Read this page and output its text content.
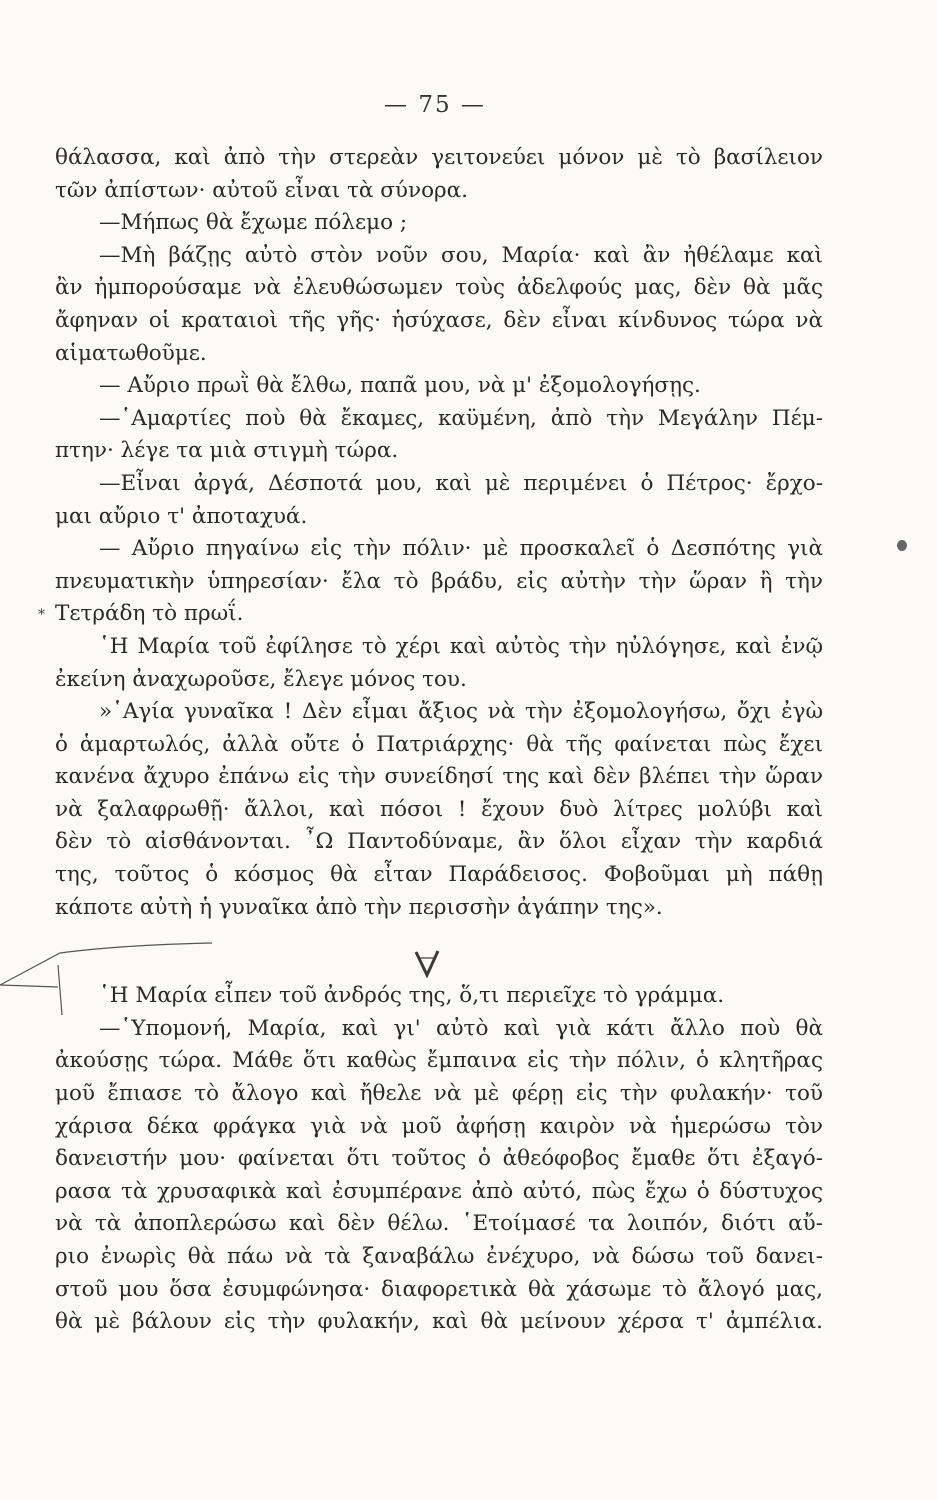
— 75 —
θάλασσα, καὶ ἀπὸ τὴν στερεὰν γειτονεύει μόνον μὲ τὸ βασίλειον
τῶν ἀπίστων· αὐτοῦ εἶναι τὰ σύνορα.
—Μήπως θὰ ἔχωμε πόλεμο ;
—Μὴ βάζῃς αὐτὸ στὸν νοῦν σου, Μαρία· καὶ ἂν ἠθέλαμε καὶ
ἂν ἠμπορούσαμε νὰ ἐλευθώσωμεν τοὺς ἀδελφούς μας, δὲν θὰ μᾶς
ἄφηναν οἱ κραταιοὶ τῆς γῆς· ἡσύχασε, δὲν εἶναι κίνδυνος τώρα νὰ
αἱματωθοῦμε.
— Αὔριο πρωῒ θὰ ἔλθω, παπᾶ μου, νὰ μ' ἐξομολογήσῃς.
—῾Αμαρτίες ποὺ θὰ ἔκαμες, καϋμένη, ἀπὸ τὴν Μεγάλην Πέμ-
πτην· λέγε τα μιὰ στιγμὴ τώρα.
—Εἶναι ἀργά, Δέσποτά μου, καὶ μὲ περιμένει ὁ Πέτρος· ἔρχο-
μαι αὔριο τ' ἀποταχυά.
— Αὔριο πηγαίνω εἰς τὴν πόλιν· μὲ προσκαλεῖ ὁ Δεσπότης γιὰ
πνευματικὴν ὑπηρεσίαν· ἔλα τὸ βράδυ, εἰς αὐτὴν τὴν ὥραν ἢ τὴν
Τετράδη τὸ πρωΐ.
῾Η Μαρία τοῦ ἐφίλησε τὸ χέρι καὶ αὐτὸς τὴν ηὐλόγησε, καὶ ἐνῷ
ἐκείνη ἀναχωροῦσε, ἔλεγε μόνος του.
»῾Αγία γυναῖκα ! Δὲν εἶμαι ἄξιος νὰ τὴν ἐξομολογήσω, ὄχι ἐγὼ
ὁ ἁμαρτωλός, ἀλλὰ οὔτε ὁ Πατριάρχης· θὰ τῆς φαίνεται πὼς ἔχει
κανένα ἄχυρο ἐπάνω εἰς τὴν συνείδησί της καὶ δὲν βλέπει τὴν ὥραν
νὰ ξαλαφρωθῇ· ἄλλοι, καὶ πόσοι ! ἔχουν δυὸ λίτρες μολύβι καὶ
δὲν τὸ αἰσθάνονται. ῏Ω Παντοδύναμε, ἂν ὅλοι εἶχαν τὴν καρδιά
της, τοῦτος ὁ κόσμος θὰ εἶταν Παράδεισος. Φοβοῦμαι μὴ πάθῃ
κάποτε αὐτὴ ἡ γυναῖκα ἀπὸ τὴν περισσὴν ἀγάπην της».
῾Η Μαρία εἶπεν τοῦ ἀνδρός της, ὅ,τι περιεῖχε τὸ γράμμα.
—῾Υπομονή, Μαρία, καὶ γι' αὐτὸ καὶ γιὰ κάτι ἄλλο ποὺ θὰ
ἀκούσῃς τώρα. Μάθε ὅτι καθὼς ἔμπαινα εἰς τὴν πόλιν, ὁ κλητῆρας
μοῦ ἔπιασε τὸ ἄλογο καὶ ἤθελε νὰ μὲ φέρῃ εἰς τὴν φυλακήν· τοῦ
χάρισα δέκα φράγκα γιὰ νὰ μοῦ ἀφήσῃ καιρὸν νὰ ἡμερώσω τὸν
δανειστήν μου· φαίνεται ὅτι τοῦτος ὁ ἀθεόφοβος ἔμαθε ὅτι ἐξαγό-
ρασα τὰ χρυσαφικὰ καὶ ἐσυμπέρανε ἀπὸ αὐτό, πὼς ἔχω ὁ δύστυχος
νὰ τὰ ἀποπλερώσω καὶ δὲν θέλω. ῾Ετοίμασέ τα λοιπόν, διότι αὔ-
ριο ἐνωρὶς θὰ πάω νὰ τὰ ξαναβάλω ἐνέχυρο, νὰ δώσω τοῦ δανει-
στοῦ μου ὅσα ἐσυμφώνησα· διαφορετικὰ θὰ χάσωμε τὸ ἄλογό μας,
θὰ μὲ βάλουν εἰς τὴν φυλακήν, καὶ θὰ μείνουν χέρσα τ' ἀμπέλια.
*
